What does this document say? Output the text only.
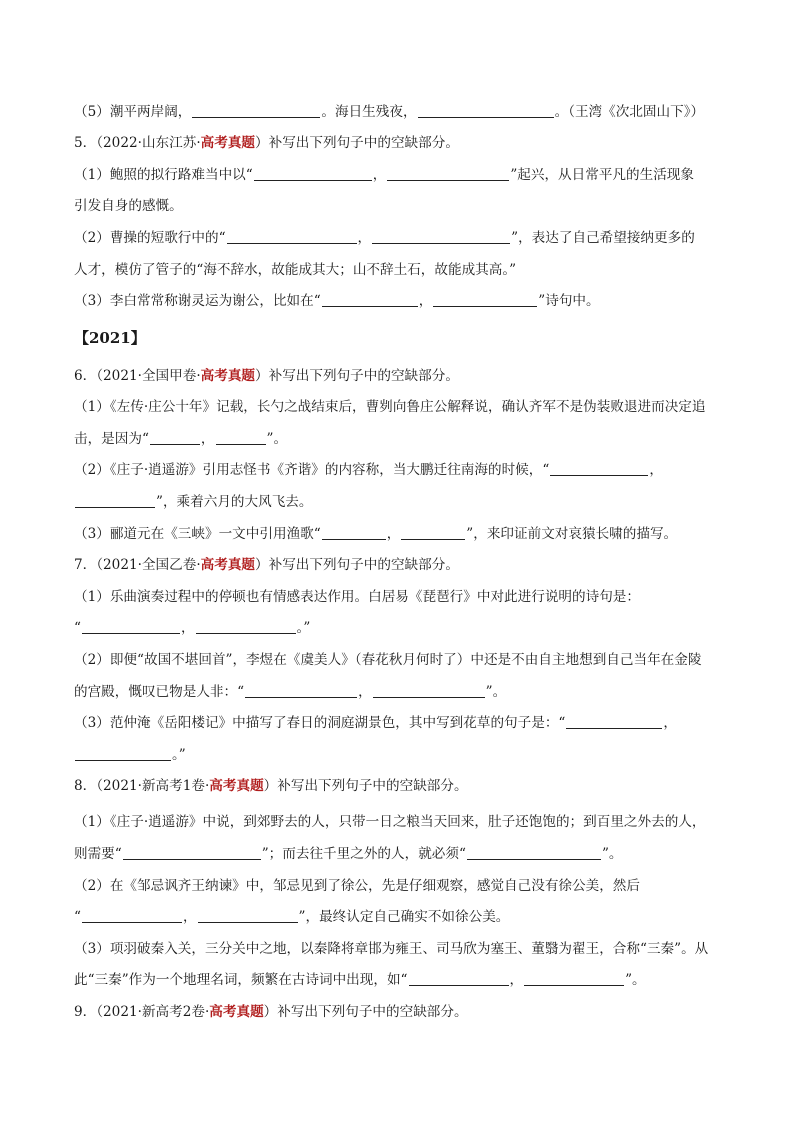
（5）潮平两岸阔，	。海日生残夜，	。（王湾《次北固山下》）
5．（2022·山东江苏·高考真题）补写出下列句子中的空缺部分。
（1）鲍照的拟行路难当中以“	，	”起兴，从日常平凡的生活现象
引发自身的感慨。
（2）曹操的短歌行中的“	，	”，表达了自己希望接纳更多的
人才，模仿了管子的“海不辞水，故能成其大；山不辞土石，故能成其高。”
（3）李白常常称谢灵运为谢公，比如在“	，	”诗句中。
【2021】
6．（2021·全国甲卷·高考真题）补写出下列句子中的空缺部分。
（1）《左传·庄公十年》记载，长勺之战结束后，曹刿向鲁庄公解释说，确认齐军不是伪装败退进而决定追
击，是因为“	，	”。
（2）《庄子·逍遥游》引用志怪书《齐谐》的内容称，当大鹏迁往南海的时候，“	，
”，乘着六月的大风飞去。
（3）郦道元在《三峡》一文中引用渔歌“	，	”，来印证前文对哀猿长啸的描写。
7．（2021·全国乙卷·高考真题）补写出下列句子中的空缺部分。
（1）乐曲演奏过程中的停顿也有情感表达作用。白居易《琵琶行》中对此进行说明的诗句是：
“	，	。”
（2）即便“故国不堪回首”，李煜在《虞美人》（春花秋月何时了）中还是不由自主地想到自己当年在金陵
的宫殿，慨叹已物是人非：“	，	”。
（3）范仲淹《岳阳楼记》中描写了春日的洞庭湖景色，其中写到花草的句子是：“	，
。”
8．（2021·新高考1卷·高考真题）补写出下列句子中的空缺部分。
（1）《庄子·逍遥游》中说，到郊野去的人，只带一日之粮当天回来，肚子还饱饱的；到百里之外去的人，
则需要“	”；而去往千里之外的人，就必须“	”。
（2）在《邹忌讽齐王纳谏》中，邹忌见到了徐公，先是仔细观察，感觉自己没有徐公美，然后
“	，	”，最终认定自己确实不如徐公美。
（3）项羽破秦入关，三分关中之地，以秦降将章邯为雍王、司马欣为塞王、董翳为翟王，合称“三秦”。从
此“三秦”作为一个地理名词，频繁在古诗词中出现，如“	，	”。
9．（2021·新高考2卷·高考真题）补写出下列句子中的空缺部分。
